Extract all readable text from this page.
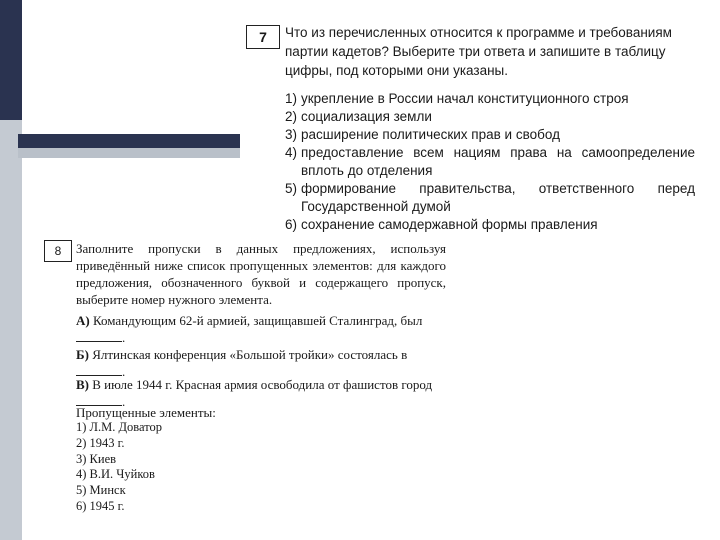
7	Что из перечисленных относится к программе и требованиям партии кадетов? Выберите три ответа и запишите в таблицу цифры, под которыми они указаны.
1) укрепление в России начал конституционного строя
2) социализация земли
3) расширение политических прав и свобод
4) предоставление всем нациям права на самоопределение вплоть до отделения
5) формирование правительства, ответственного перед Государственной думой
6) сохранение самодержавной формы правления
8	Заполните пропуски в данных предложениях, используя приведённый ниже список пропущенных элементов: для каждого предложения, обозначенного буквой и содержащего пропуск, выберите номер нужного элемента.
А) Командующим 62-й армией, защищавшей Сталинград, был
.
Б) Ялтинская конференция «Большой тройки» состоялась в
.
В) В июле 1944 г. Красная армия освободила от фашистов город
.
Пропущенные элементы:
1) Л.М. Доватор
2) 1943 г.
3) Киев
4) В.И. Чуйков
5) Минск
6) 1945 г.
